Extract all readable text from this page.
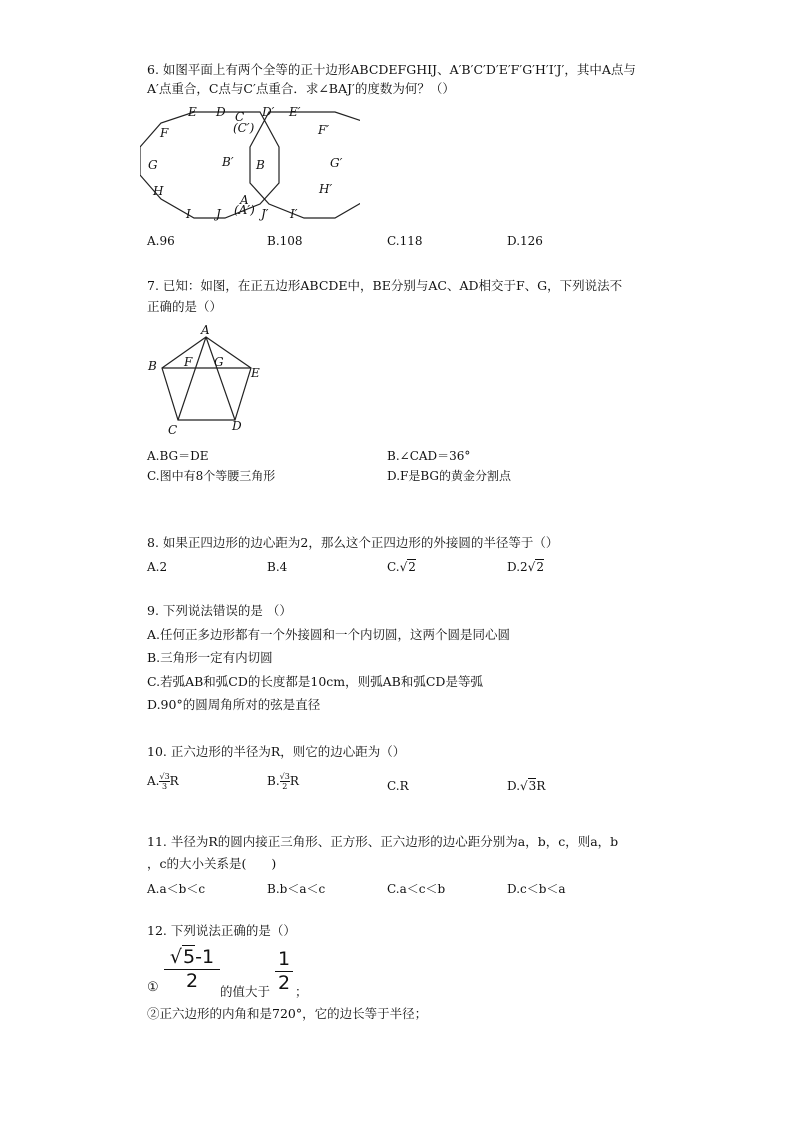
6. 如图平面上有两个全等的正十边形ABCDEFGHIJ、A′B′C′D′E′F′G′H′I′J′，其中A点与
A′点重合，C点与C′点重合．求∠BAJ′的度数为何？（）
E D C
(C′)
D′ E′
F	F′
G	G′
B′ B
H	H′
A
(A′)
I J	J′ I′
A.96	B.108	C.118	D.126
7. 已知：如图，在正五边形ABCDE中，BE分别与AC、AD相交于F、G，下列说法不
正确的是（）
A
B F G
E
C	D
A.BG＝DE	B.∠CAD＝36°
C.图中有8个等腰三角形	D.F是BG的黄金分割点
8. 如果正四边形的边心距为2，那么这个正四边形的外接圆的半径等于（）
A.2	B.4	C.√2	D.2√2
9. 下列说法错误的是 （）
A.任何正多边形都有一个外接圆和一个内切圆，这两个圆是同心圆
B.三角形一定有内切圆
C.若弧AB和弧CD的长度都是10cm，则弧AB和弧CD是等弧
D.90°的圆周角所对的弦是直径
10. 正六边形的半径为R，则它的边心距为（）
A. $\frac{√3}{3}$ R	B. $\frac{√3}{2}$ R	C.R	D.√3R
11. 半径为R的圆内接正三角形、正方形、正六边形的边心距分别为a，b，c，则a，b
，c的大小关系是(　　)
A.a＜b＜c	B.b＜a＜c	C.a＜c＜b	D.c＜b＜a
12. 下列说法正确的是（）
①
√5-1
2	的值大于
1
2 ；
②正六边形的内角和是720°，它的边长等于半径；
